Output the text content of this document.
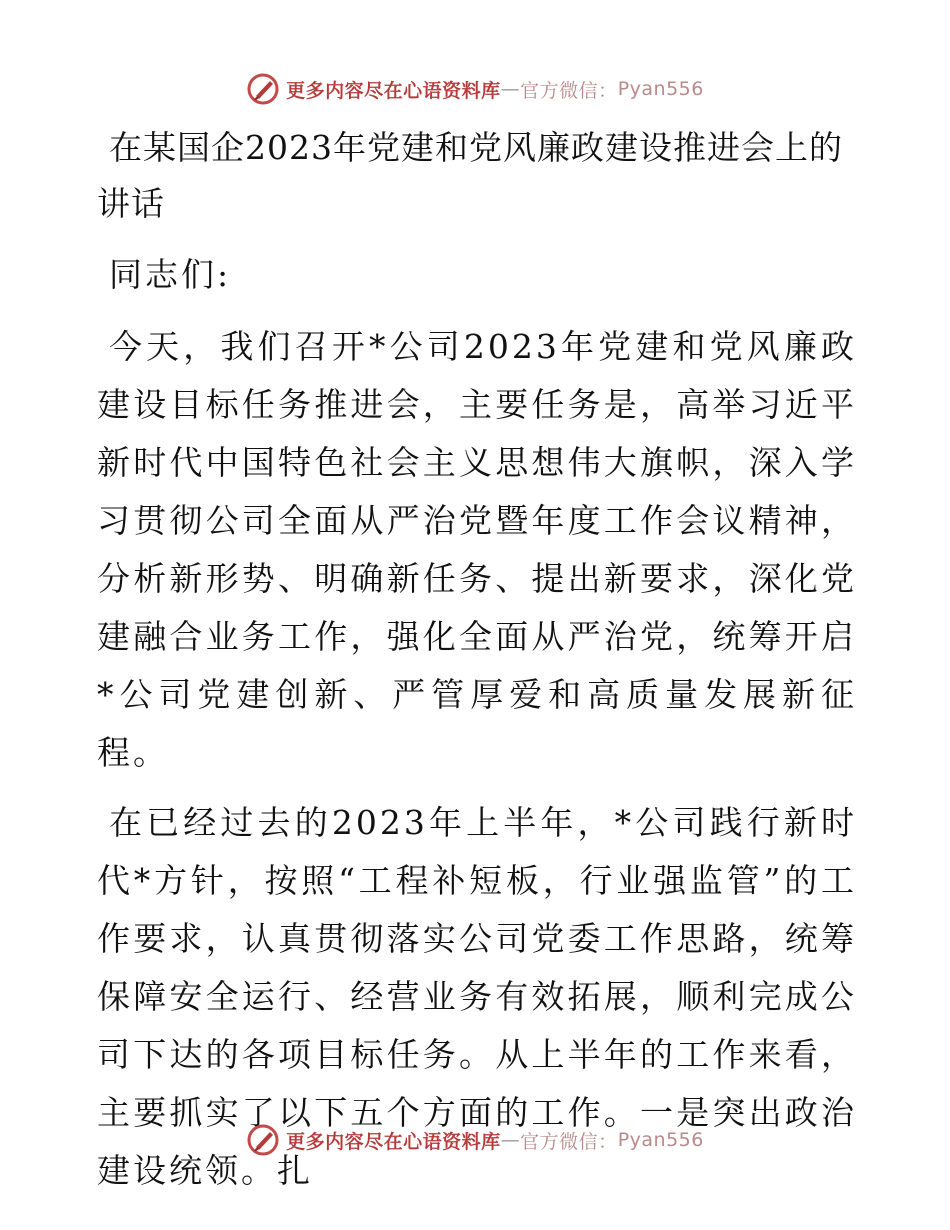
更多内容尽在心语资料库 — 官方微信： Pyan556
在某国企2023年党建和党风廉政建设推进会上的讲话

同志们:

今天，我们召开*公司2023年党建和党风廉政建设目标任务推进会，主要任务是，高举习近平新时代中国特色社会主义思想伟大旗帜，深入学习贯彻公司全面从严治党暨年度工作会议精神，分析新形势、明确新任务、提出新要求，深化党建融合业务工作，强化全面从严治党，统筹开启*公司党建创新、严管厚爱和高质量发展新征程。

在已经过去的2023年上半年，*公司践行新时代*方针，按照“工程补短板，行业强监管”的工作要求，认真贯彻落实公司党委工作思路，统筹保障安全运行、经营业务有效拓展，顺利完成公司下达的各项目标任务。从上半年的工作来看，主要抓实了以下五个方面的工作。一是突出政治建设统领。扎

更多内容尽在心语资料库 — 官方微信： Pyan556
